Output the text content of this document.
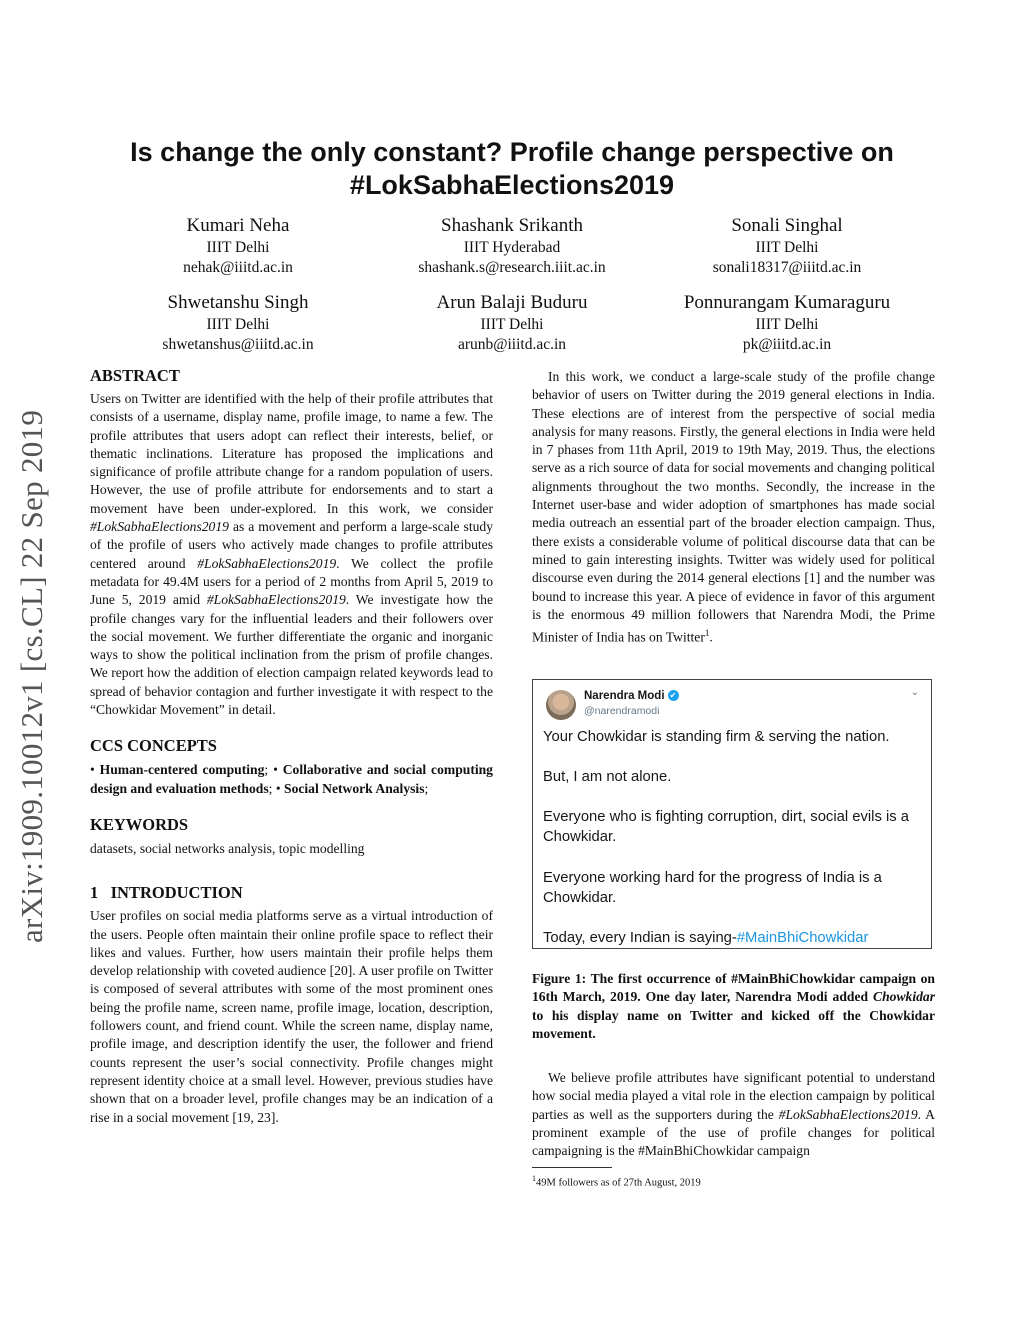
arXiv:1909.10012v1 [cs.CL] 22 Sep 2019
Is change the only constant? Profile change perspective on
#LokSabhaElections2019
Kumari Neha
IIIT Delhi
nehak@iiitd.ac.in
Shashank Srikanth
IIIT Hyderabad
shashank.s@research.iiit.ac.in
Sonali Singhal
IIIT Delhi
sonali18317@iiitd.ac.in
Shwetanshu Singh
IIIT Delhi
shwetanshus@iiitd.ac.in
Arun Balaji Buduru
IIIT Delhi
arunb@iiitd.ac.in
Ponnurangam Kumaraguru
IIIT Delhi
pk@iiitd.ac.in
ABSTRACT

Users on Twitter are identified with the help of their profile attributes that consists of a username, display name, profile image, to name a few. The profile attributes that users adopt can reflect their interests, belief, or thematic inclinations. Literature has proposed the implications and significance of profile attribute change for a random population of users. However, the use of profile attribute for endorsements and to start a movement have been under-explored. In this work, we consider #LokSabhaElections2019 as a movement and perform a large-scale study of the profile of users who actively made changes to profile attributes centered around #LokSabhaElections2019. We collect the profile metadata for 49.4M users for a period of 2 months from April 5, 2019 to June 5, 2019 amid #LokSabhaElections2019. We investigate how the profile changes vary for the influential leaders and their followers over the social movement. We further differentiate the organic and inorganic ways to show the political inclination from the prism of profile changes. We report how the addition of election campaign related keywords lead to spread of behavior contagion and further investigate it with respect to the “Chowkidar Movement” in detail.

CCS CONCEPTS

• Human-centered computing; • Collaborative and social computing design and evaluation methods; • Social Network Analysis;

KEYWORDS

datasets, social networks analysis, topic modelling

1 INTRODUCTION

User profiles on social media platforms serve as a virtual introduction of the users. People often maintain their online profile space to reflect their likes and values. Further, how users maintain their profile helps them develop relationship with coveted audience [20]. A user profile on Twitter is composed of several attributes with some of the most prominent ones being the profile name, screen name, profile image, location, description, followers count, and friend count. While the screen name, display name, profile image, and description identify the user, the follower and friend counts represent the user’s social connectivity. Profile changes might represent identity choice at a small level. However, previous studies have shown that on a broader level, profile changes may be an indication of a rise in a social movement [19, 23].

In this work, we conduct a large-scale study of the profile change behavior of users on Twitter during the 2019 general elections in India. These elections are of interest from the perspective of social media analysis for many reasons. Firstly, the general elections in India were held in 7 phases from 11th April, 2019 to 19th May, 2019. Thus, the elections serve as a rich source of data for social movements and changing political alignments throughout the two months. Secondly, the increase in the Internet user-base and wider adoption of smartphones has made social media outreach an essential part of the broader election campaign. Thus, there exists a considerable volume of political discourse data that can be mined to gain interesting insights. Twitter was widely used for political discourse even during the 2014 general elections [1] and the number was bound to increase this year. A piece of evidence in favor of this argument is the enormous 49 million followers that Narendra Modi, the Prime Minister of India has on Twitter$^1$.

Narendra Modi ✔
@narendramodi
⌄
Your Chowkidar is standing firm & serving the nation.
But, I am not alone.
Everyone who is fighting corruption, dirt, social evils is a Chowkidar.
Everyone working hard for the progress of India is a Chowkidar.
Today, every Indian is saying-#MainBhiChowkidar
Figure 1: The first occurrence of #MainBhiChowkidar campaign on 16th March, 2019. One day later, Narendra Modi added Chowkidar to his display name on Twitter and kicked off the Chowkidar movement.

We believe profile attributes have significant potential to understand how social media played a vital role in the election campaign by political parties as well as the supporters during the #LokSabhaElections2019. A prominent example of the use of profile changes for political campaigning is the #MainBhiChowkidar campaign

$^1$49M followers as of 27th August, 2019
